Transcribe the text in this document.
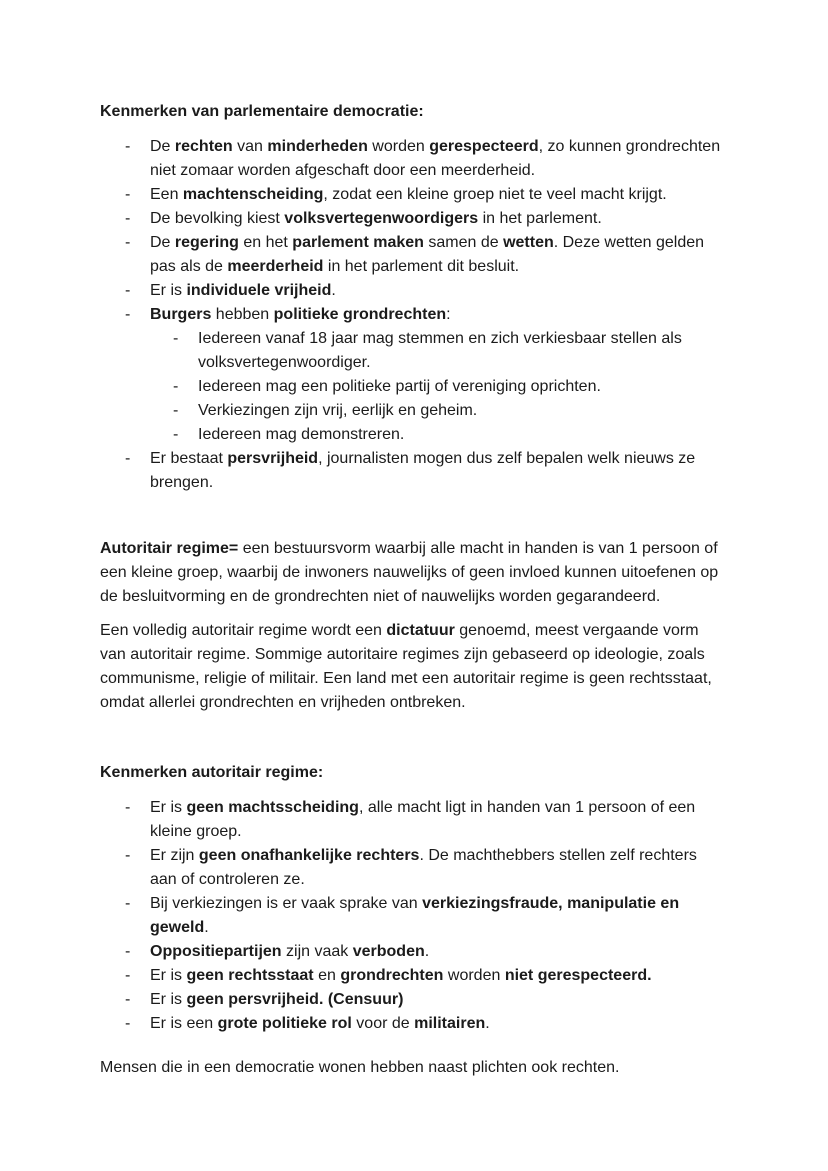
Kenmerken van parlementaire democratie:
-	De rechten van minderheden worden gerespecteerd, zo kunnen grondrechten niet zomaar worden afgeschaft door een meerderheid.
-	Een machtenscheiding, zodat een kleine groep niet te veel macht krijgt.
-	De bevolking kiest volksvertegenwoordigers in het parlement.
-	De regering en het parlement maken samen de wetten. Deze wetten gelden pas als de meerderheid in het parlement dit besluit.
-	Er is individuele vrijheid.
-	Burgers hebben politieke grondrechten:
-	Iedereen vanaf 18 jaar mag stemmen en zich verkiesbaar stellen als volksvertegenwoordiger.
-	Iedereen mag een politieke partij of vereniging oprichten.
-	Verkiezingen zijn vrij, eerlijk en geheim.
-	Iedereen mag demonstreren.
-	Er bestaat persvrijheid, journalisten mogen dus zelf bepalen welk nieuws ze brengen.

Autoritair regime= een bestuursvorm waarbij alle macht in handen is van 1 persoon of een kleine groep, waarbij de inwoners nauwelijks of geen invloed kunnen uitoefenen op de besluitvorming en de grondrechten niet of nauwelijks worden gegarandeerd.

Een volledig autoritair regime wordt een dictatuur genoemd, meest vergaande vorm van autoritair regime. Sommige autoritaire regimes zijn gebaseerd op ideologie, zoals communisme, religie of militair. Een land met een autoritair regime is geen rechtsstaat, omdat allerlei grondrechten en vrijheden ontbreken.

Kenmerken autoritair regime:
-	Er is geen machtsscheiding, alle macht ligt in handen van 1 persoon of een kleine groep.
-	Er zijn geen onafhankelijke rechters. De machthebbers stellen zelf rechters aan of controleren ze.
-	Bij verkiezingen is er vaak sprake van verkiezingsfraude, manipulatie en geweld.
-	Oppositiepartijen zijn vaak verboden.
-	Er is geen rechtsstaat en grondrechten worden niet gerespecteerd.
-	Er is geen persvrijheid. (Censuur)
-	Er is een grote politieke rol voor de militairen.

Mensen die in een democratie wonen hebben naast plichten ook rechten.
